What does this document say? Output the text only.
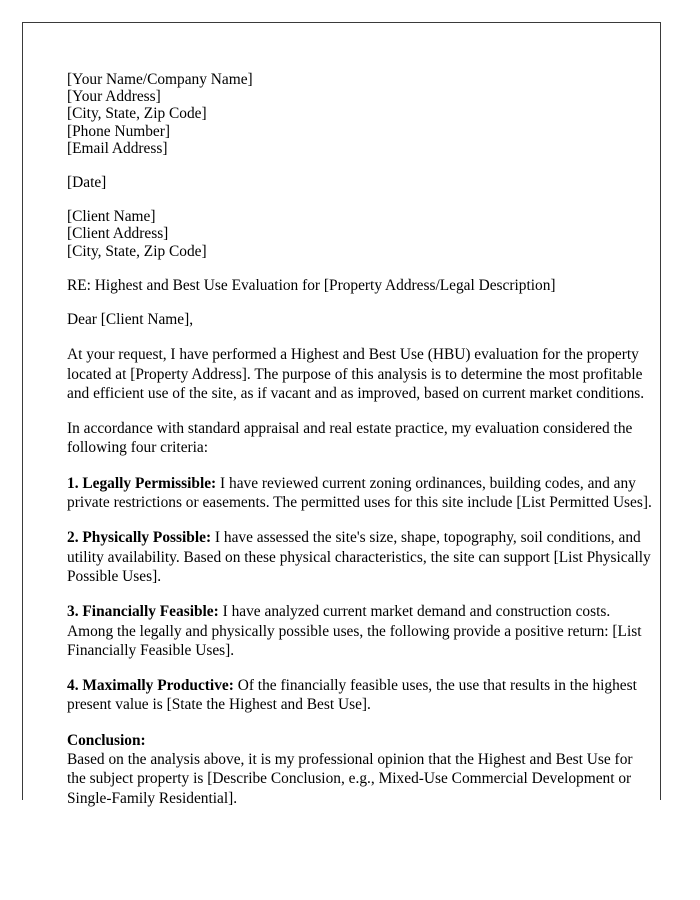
[Your Name/Company Name]
[Your Address]
[City, State, Zip Code]
[Phone Number]
[Email Address]
[Date]
[Client Name]
[Client Address]
[City, State, Zip Code]
RE: Highest and Best Use Evaluation for [Property Address/Legal Description]
Dear [Client Name],

At your request, I have performed a Highest and Best Use (HBU) evaluation for the property located at [Property Address]. The purpose of this analysis is to determine the most profitable and efficient use of the site, as if vacant and as improved, based on current market conditions.

In accordance with standard appraisal and real estate practice, my evaluation considered the following four criteria:

1. Legally Permissible: I have reviewed current zoning ordinances, building codes, and any private restrictions or easements. The permitted uses for this site include [List Permitted Uses].

2. Physically Possible: I have assessed the site's size, shape, topography, soil conditions, and utility availability. Based on these physical characteristics, the site can support [List Physically Possible Uses].

3. Financially Feasible: I have analyzed current market demand and construction costs. Among the legally and physically possible uses, the following provide a positive return: [List Financially Feasible Uses].

4. Maximally Productive: Of the financially feasible uses, the use that results in the highest present value is [State the Highest and Best Use].

Conclusion:

Based on the analysis above, it is my professional opinion that the Highest and Best Use for the subject property is [Describe Conclusion, e.g., Mixed-Use Commercial Development or Single-Family Residential].
